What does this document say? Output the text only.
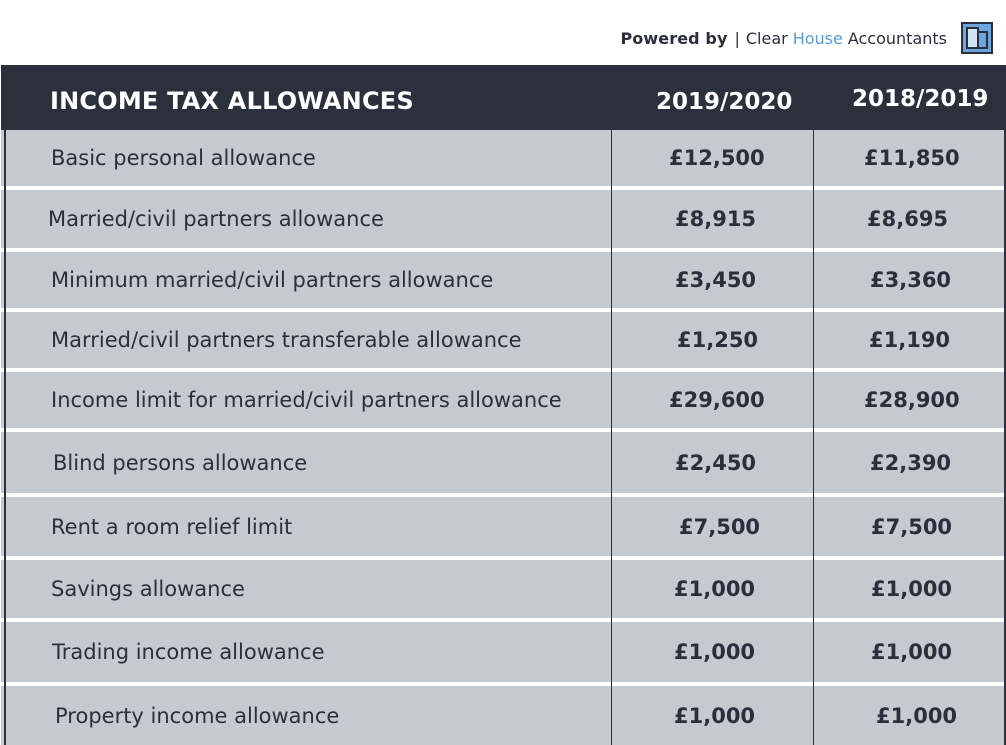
Powered by | Clear House Accountants
INCOME TAX ALLOWANCES	2019/2020	2018/2019
Basic personal allowance	£12,500	£11,850
Married/civil partners allowance	£8,915	£8,695
Minimum married/civil partners allowance	£3,450	£3,360
Married/civil partners transferable allowance	£1,250	£1,190
Income limit for married/civil partners allowance	£29,600	£28,900
Blind persons allowance	£2,450	£2,390
Rent a room relief limit	£7,500	£7,500
Savings allowance	£1,000	£1,000
Trading income allowance	£1,000	£1,000
Property income allowance	£1,000	£1,000
